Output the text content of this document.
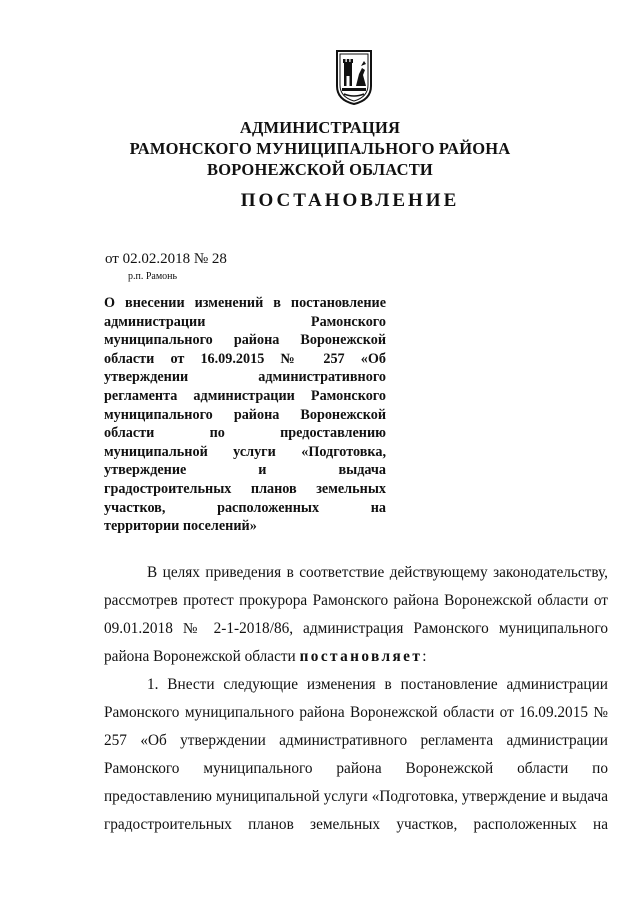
АДМИНИСТРАЦИЯ
РАМОНСКОГО МУНИЦИПАЛЬНОГО РАЙОНА
ВОРОНЕЖСКОЙ ОБЛАСТИ
ПОСТАНОВЛЕНИЕ
от 02.02.2018 № 28
р.п. Рамонь
О внесении изменений в постановление
администрации Рамонского
муниципального района Воронежской
области от 16.09.2015 № 257 «Об
утверждении административного
регламента администрации Рамонского
муниципального района Воронежской
области по предоставлению
муниципальной услуги «Подготовка,
утверждение и выдача
градостроительных планов земельных
участков, расположенных на
территории поселений»
В целях приведения в соответствие действующему законодательству,
рассмотрев протест прокурора Рамонского района Воронежской области от
09.01.2018 № 2-1-2018/86, администрация Рамонского муниципального
района Воронежской области постановляет:
1. Внести следующие изменения в постановление администрации
Рамонского муниципального района Воронежской области от 16.09.2015 №
257 «Об утверждении административного регламента администрации
Рамонского муниципального района Воронежской области по
предоставлению муниципальной услуги «Подготовка, утверждение и выдача
градостроительных планов земельных участков, расположенных на
